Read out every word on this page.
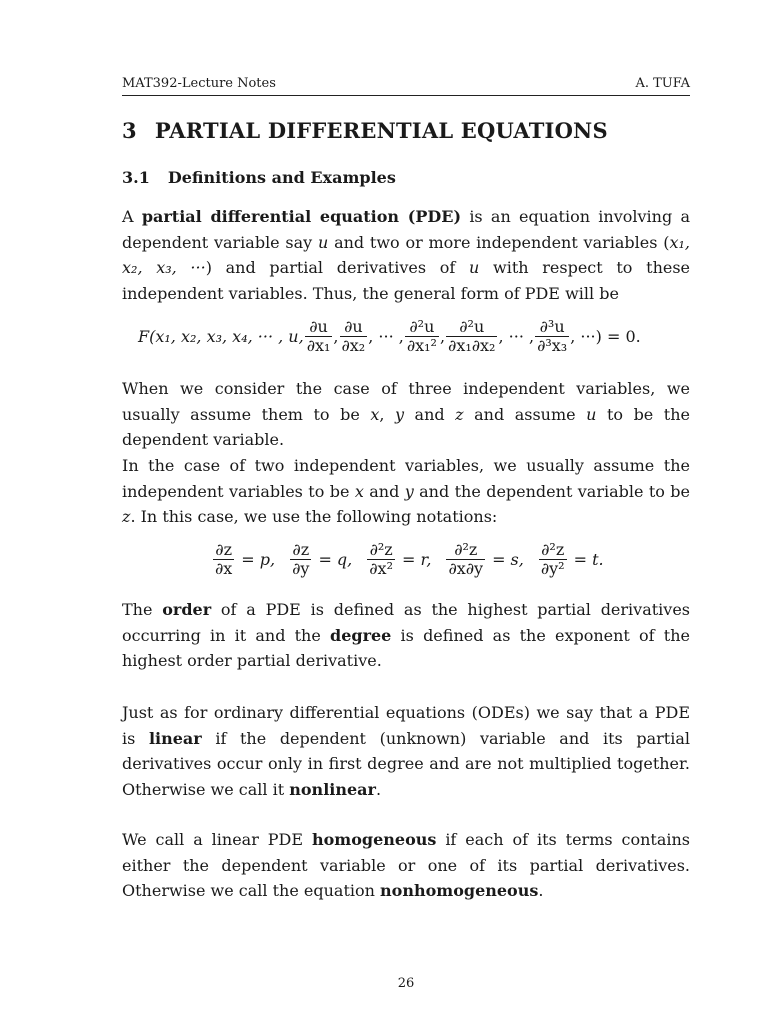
MAT392-Lecture Notes	A. TUFA
3 PARTIAL DIFFERENTIAL EQUATIONS
3.1 Definitions and Examples

A partial differential equation (PDE) is an equation involving a dependent variable say u and two or more independent variables (x₁, x₂, x₃, ···) and partial derivatives of u with respect to these independent variables. Thus, the general form of PDE will be

F(x₁, x₂, x₃, x₄, ··· , u, $\frac{\partial u}{\text{∂x₁}}$ , $\frac{\partial u}{\text{∂x₂}}$ , ··· , $\frac{\text{∂²u}}{\text{∂x₁²}}$ , $\frac{\text{∂²u}}{\text{∂x₁∂x₂}}$ , ··· , $\frac{\text{∂³u}}{\text{∂³x₃}}$ , ···) = 0.

When we consider the case of three independent variables, we usually assume them to be x, y and z and assume u to be the dependent variable.

In the case of two independent variables, we usually assume the independent variables to be x and y and the dependent variable to be z. In this case, we use the following notations:

$\frac{\partial z}{\partial x} = p$, $\frac{\partial z}{\partial y} = q$, $\frac{\text{∂²z}}{\text{∂x²}} = r$, $\frac{\text{∂²z}}{\partial x\partial y} = s$, $\frac{\text{∂²z}}{\text{∂y²}} = t$.

The order of a PDE is defined as the highest partial derivatives occurring in it and the degree is defined as the exponent of the highest order partial derivative.

Just as for ordinary differential equations (ODEs) we say that a PDE is linear if the dependent (unknown) variable and its partial derivatives occur only in first degree and are not multiplied together. Otherwise we call it nonlinear.

We call a linear PDE homogeneous if each of its terms contains either the dependent variable or one of its partial derivatives. Otherwise we call the equation nonhomogeneous.

26
